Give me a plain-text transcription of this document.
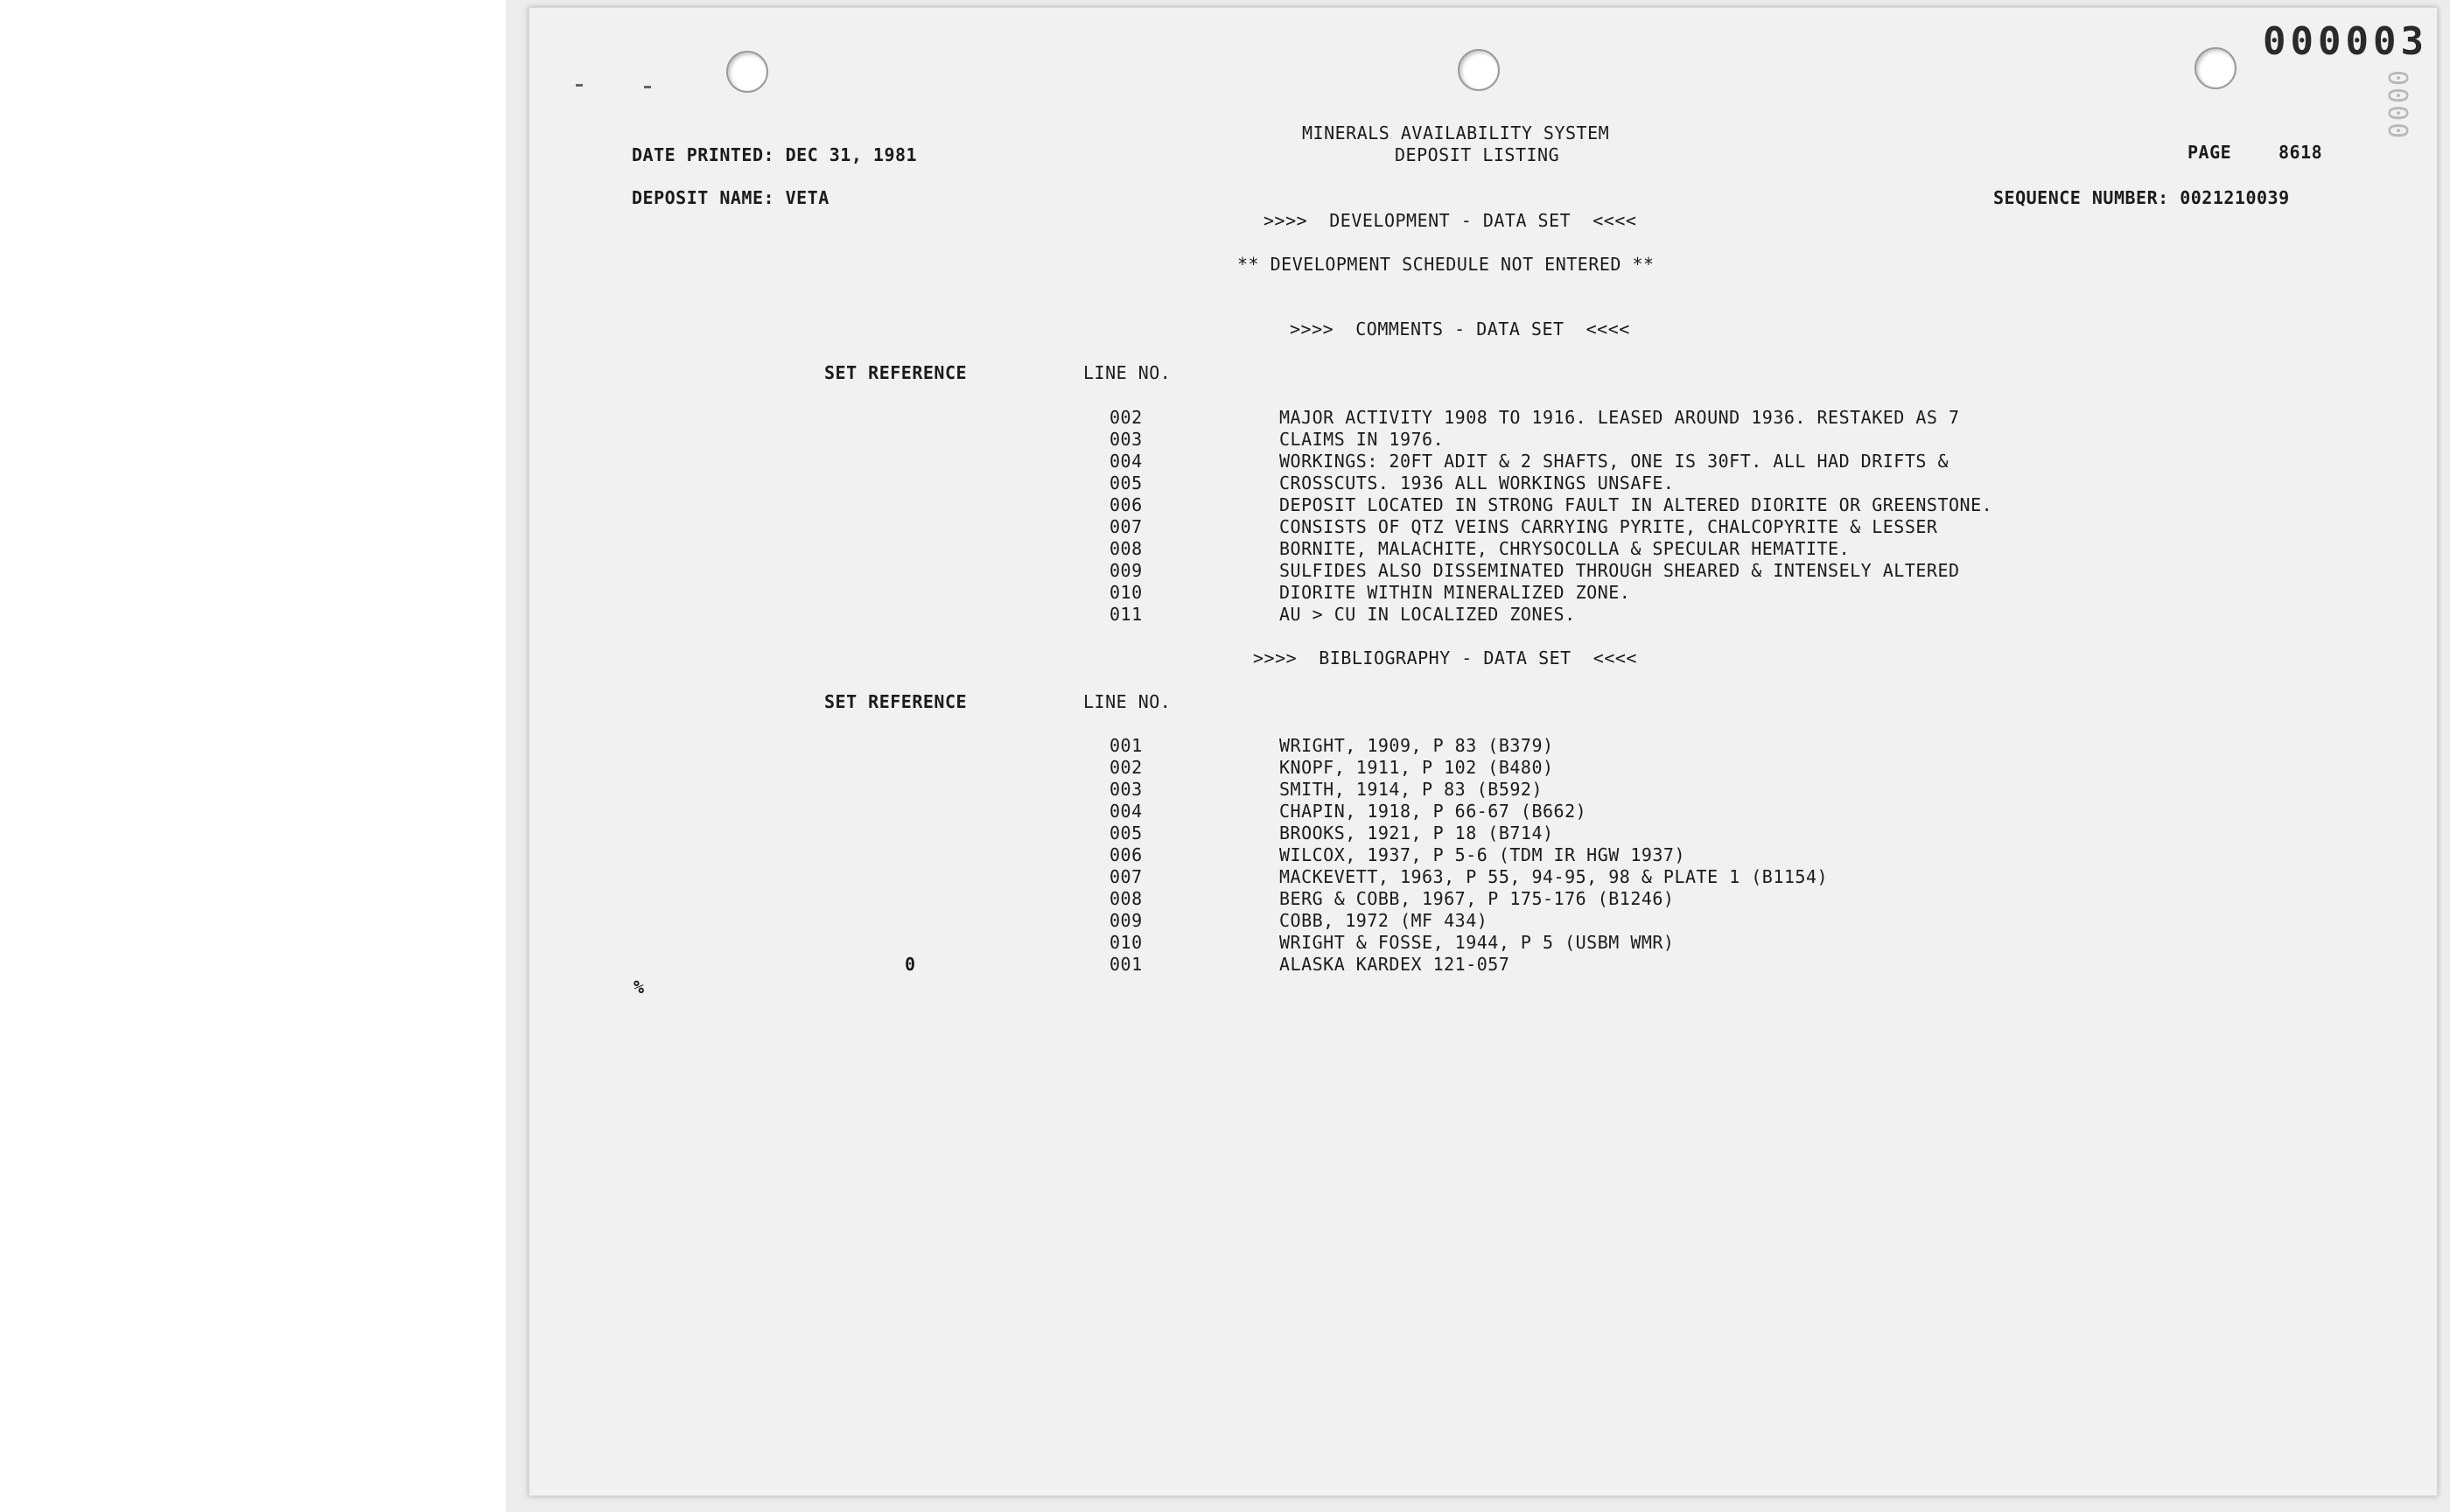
000003
0000
MINERALS AVAILABILITY SYSTEM
DEPOSIT LISTING
DATE PRINTED: DEC 31, 1981	PAGE	8618
DEPOSIT NAME: VETA	SEQUENCE NUMBER: 0021210039
>>>>  DEVELOPMENT - DATA SET  <<<<
** DEVELOPMENT SCHEDULE NOT ENTERED **
>>>>  COMMENTS - DATA SET  <<<<
SET REFERENCE	LINE NO.
002	MAJOR ACTIVITY 1908 TO 1916. LEASED AROUND 1936. RESTAKED AS 7
003	CLAIMS IN 1976.
004	WORKINGS: 20FT ADIT & 2 SHAFTS, ONE IS 30FT. ALL HAD DRIFTS &
005	CROSSCUTS. 1936 ALL WORKINGS UNSAFE.
006	DEPOSIT LOCATED IN STRONG FAULT IN ALTERED DIORITE OR GREENSTONE.
007	CONSISTS OF QTZ VEINS CARRYING PYRITE, CHALCOPYRITE & LESSER
008	BORNITE, MALACHITE, CHRYSOCOLLA & SPECULAR HEMATITE.
009	SULFIDES ALSO DISSEMINATED THROUGH SHEARED & INTENSELY ALTERED
010	DIORITE WITHIN MINERALIZED ZONE.
011	AU > CU IN LOCALIZED ZONES.
>>>>  BIBLIOGRAPHY - DATA SET  <<<<
SET REFERENCE	LINE NO.
001	WRIGHT, 1909, P 83 (B379)
002	KNOPF, 1911, P 102 (B480)
003	SMITH, 1914, P 83 (B592)
004	CHAPIN, 1918, P 66-67 (B662)
005	BROOKS, 1921, P 18 (B714)
006	WILCOX, 1937, P 5-6 (TDM IR HGW 1937)
007	MACKEVETT, 1963, P 55, 94-95, 98 & PLATE 1 (B1154)
008	BERG & COBB, 1967, P 175-176 (B1246)
009	COBB, 1972 (MF 434)
010	WRIGHT & FOSSE, 1944, P 5 (USBM WMR)
0	001	ALASKA KARDEX 121-057
%
